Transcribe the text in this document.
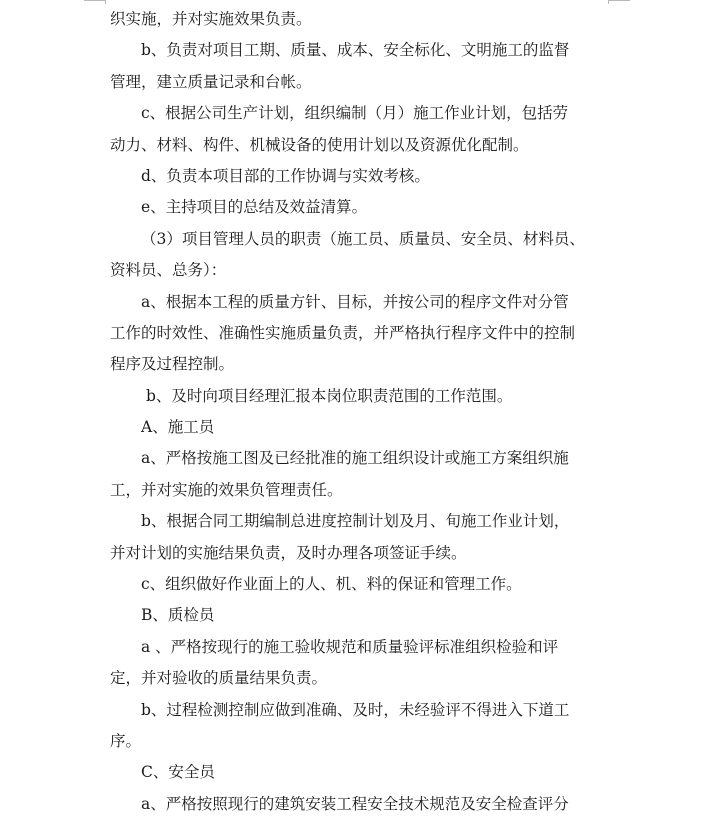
织实施，并对实施效果负责。
b、负责对项目工期、质量、成本、安全标化、文明施工的监督
管理，建立质量记录和台帐。
c、根据公司生产计划，组织编制（月）施工作业计划，包括劳
动力、材料、构件、机械设备的使用计划以及资源优化配制。
d、负责本项目部的工作协调与实效考核。
e、主持项目的总结及效益清算。
（3）项目管理人员的职责（施工员、质量员、安全员、材料员、
资料员、总务）：
a、根据本工程的质量方针、目标，并按公司的程序文件对分管
工作的时效性、准确性实施质量负责，并严格执行程序文件中的控制
程序及过程控制。
b、及时向项目经理汇报本岗位职责范围的工作范围。
A、施工员
a、严格按施工图及已经批准的施工组织设计或施工方案组织施
工，并对实施的效果负管理责任。
b、根据合同工期编制总进度控制计划及月、旬施工作业计划，
并对计划的实施结果负责，及时办理各项签证手续。
c、组织做好作业面上的人、机、料的保证和管理工作。
B、质检员
a 、严格按现行的施工验收规范和质量验评标准组织检验和评
定，并对验收的质量结果负责。
b、过程检测控制应做到准确、及时，未经验评不得进入下道工
序。
C、安全员
a、严格按照现行的建筑安装工程安全技术规范及安全检查评分
